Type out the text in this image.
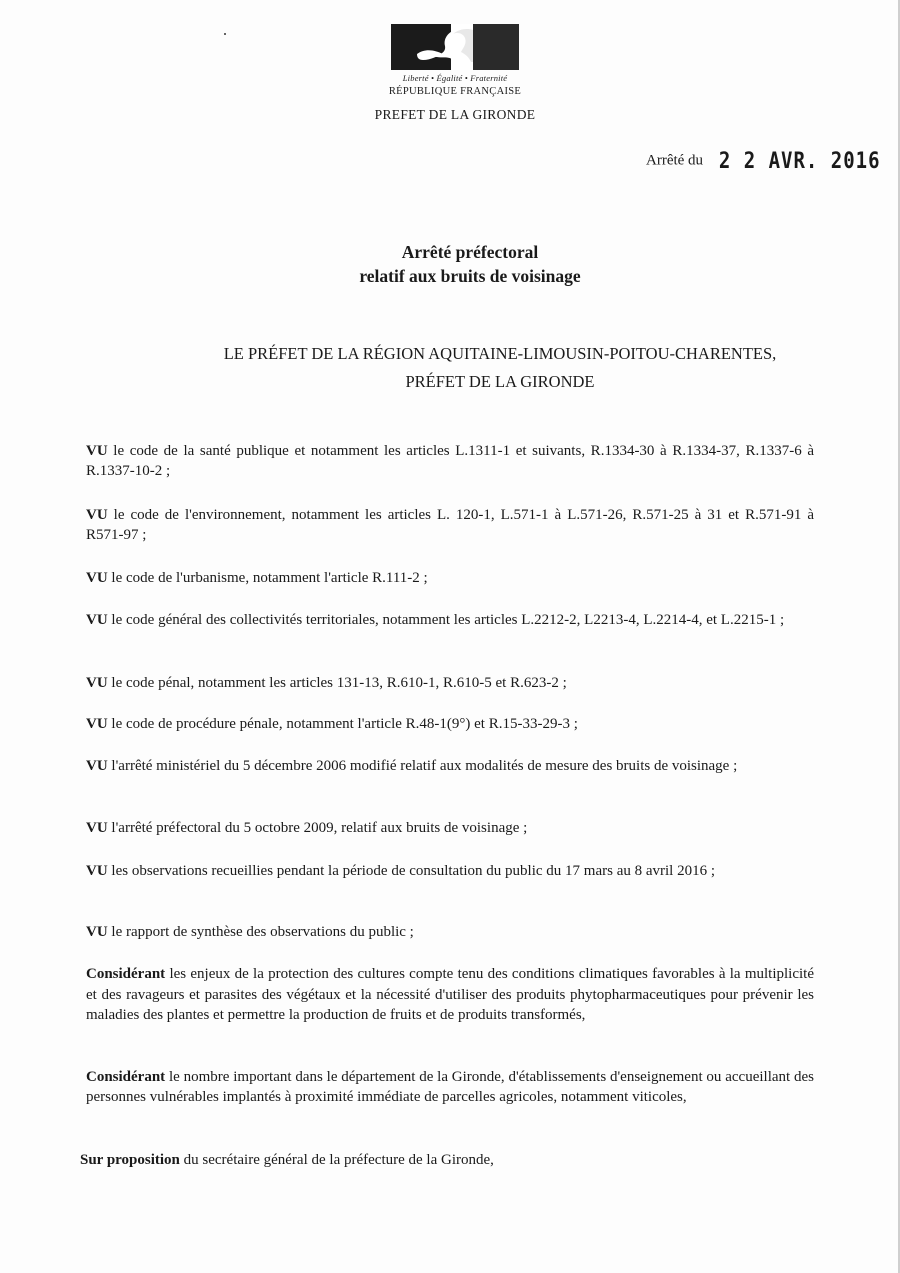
Liberté • Égalité • Fraternité
RÉPUBLIQUE FRANÇAISE
PREFET DE LA GIRONDE
Arrêté du 2 2 AVR. 2016
Arrêté préfectoral
relatif aux bruits de voisinage
LE PRÉFET DE LA RÉGION AQUITAINE-LIMOUSIN-POITOU-CHARENTES,
PRÉFET DE LA GIRONDE

VU le code de la santé publique et notamment les articles L.1311-1 et suivants, R.1334-30 à R.1334-37, R.1337-6 à R.1337-10-2 ;

VU le code de l'environnement, notamment les articles L. 120-1, L.571-1 à L.571-26, R.571-25 à 31 et R.571-91 à R571-97 ;

VU le code de l'urbanisme, notamment l'article R.111-2 ;

VU le code général des collectivités territoriales, notamment les articles L.2212-2, L2213-4, L.2214-4, et L.2215-1 ;

VU le code pénal, notamment les articles 131-13, R.610-1, R.610-5 et R.623-2 ;

VU le code de procédure pénale, notamment l'article R.48-1(9°) et R.15-33-29-3 ;

VU l'arrêté ministériel du 5 décembre 2006 modifié relatif aux modalités de mesure des bruits de voisinage ;

VU l'arrêté préfectoral du 5 octobre 2009, relatif aux bruits de voisinage ;

VU les observations recueillies pendant la période de consultation du public du 17 mars au 8 avril 2016 ;

VU le rapport de synthèse des observations du public ;

Considérant les enjeux de la protection des cultures compte tenu des conditions climatiques favorables à la multiplicité et des ravageurs et parasites des végétaux et la nécessité d'utiliser des produits phytopharmaceutiques pour prévenir les maladies des plantes et permettre la production de fruits et de produits transformés,

Considérant le nombre important dans le département de la Gironde, d'établissements d'enseignement ou accueillant des personnes vulnérables implantés à proximité immédiate de parcelles agricoles, notamment viticoles,

Sur proposition du secrétaire général de la préfecture de la Gironde,
